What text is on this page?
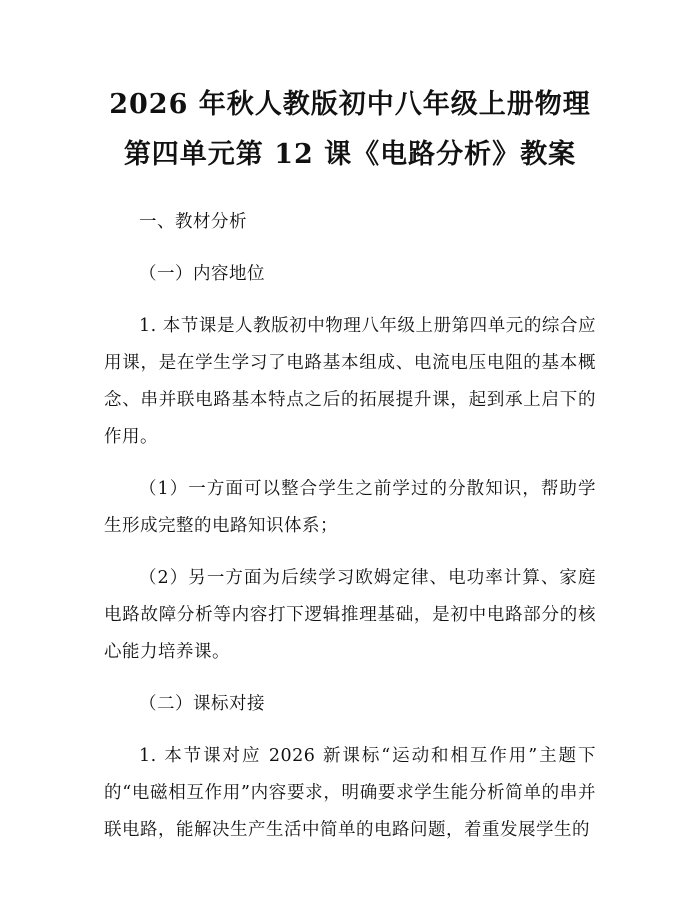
2026 年秋人教版初中八年级上册物理第四单元第 12 课《电路分析》教案

一、教材分析

（一）内容地位

1. 本节课是人教版初中物理八年级上册第四单元的综合应用课，是在学生学习了电路基本组成、电流电压电阻的基本概念、串并联电路基本特点之后的拓展提升课，起到承上启下的作用。

（1）一方面可以整合学生之前学过的分散知识，帮助学生形成完整的电路知识体系；

（2）另一方面为后续学习欧姆定律、电功率计算、家庭电路故障分析等内容打下逻辑推理基础，是初中电路部分的核心能力培养课。

（二）课标对接

1. 本节课对应 2026 新课标“运动和相互作用”主题下的“电磁相互作用”内容要求，明确要求学生能分析简单的串并联电路，能解决生产生活中简单的电路问题，着重发展学生的
